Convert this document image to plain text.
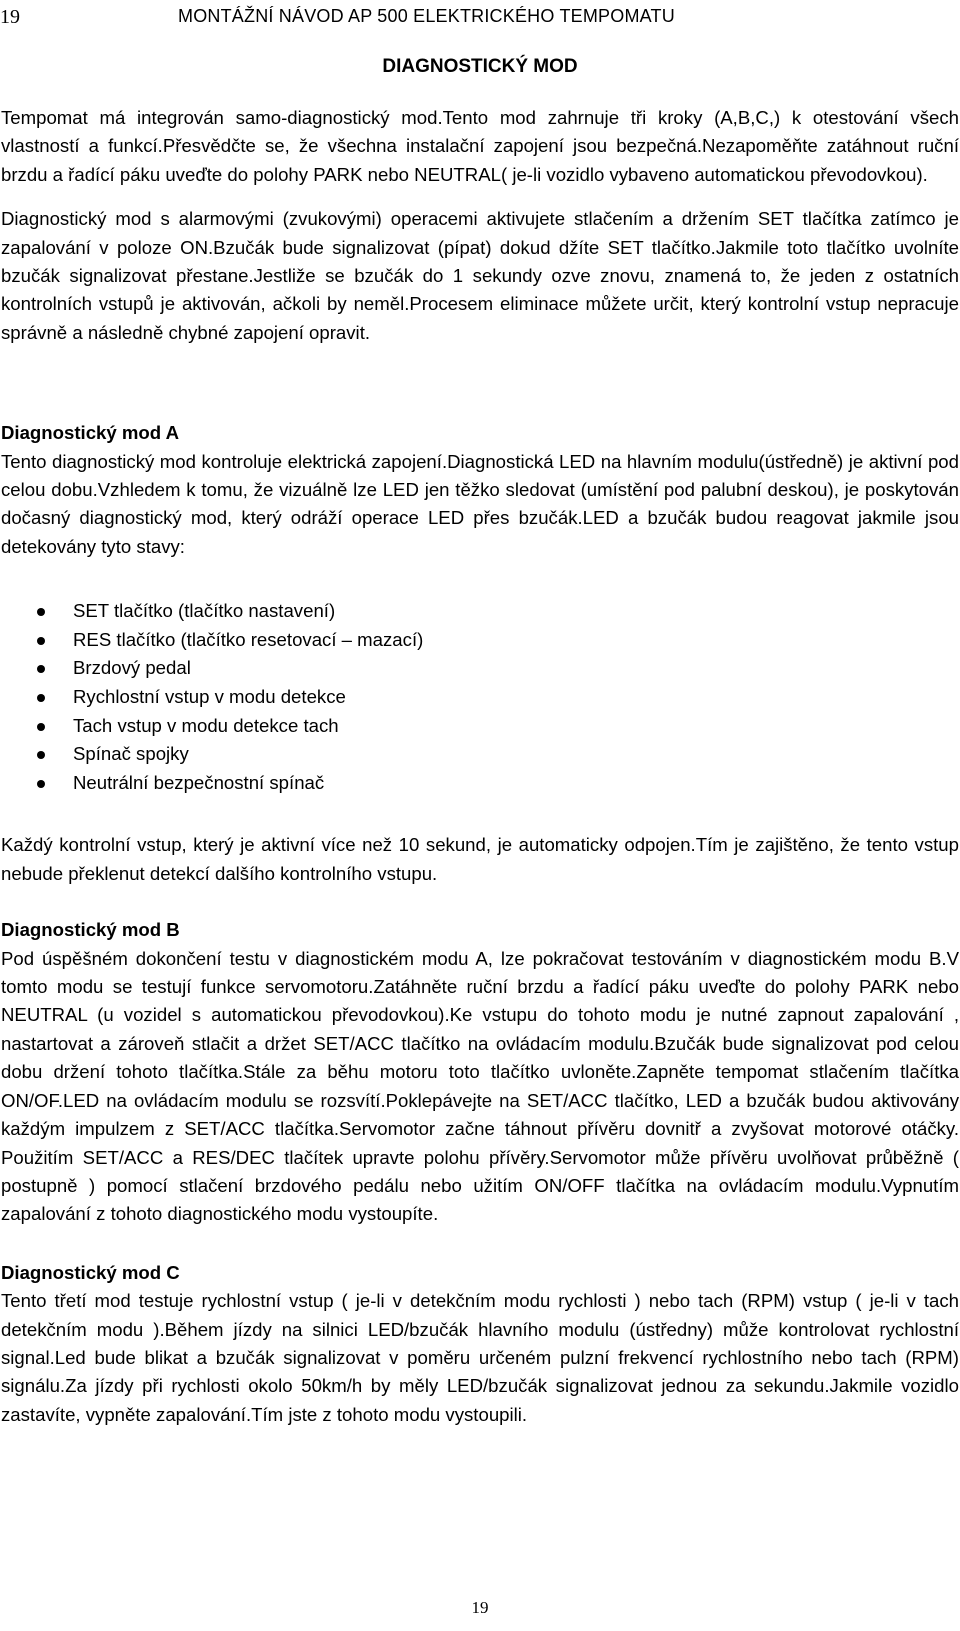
19	MONTÁŽNÍ NÁVOD AP 500 ELEKTRICKÉHO TEMPOMATU
DIAGNOSTICKÝ MOD

Tempomat má integrován samo-diagnostický mod.Tento mod zahrnuje tři kroky (A,B,C,) k otestování všech vlastností a funkcí.Přesvědčte se, že všechna instalační zapojení jsou bezpečná.Nezapoměňte zatáhnout ruční brzdu a řadící páku uveďte do polohy PARK nebo NEUTRAL( je-li vozidlo vybaveno automatickou převodovkou).

Diagnostický mod s alarmovými (zvukovými) operacemi aktivujete stlačením a držením SET tlačítka zatímco je zapalování v poloze ON.Bzučák bude signalizovat (pípat) dokud džíte SET tlačítko.Jakmile toto tlačítko uvolníte bzučák signalizovat přestane.Jestliže se bzučák do 1 sekundy ozve znovu, znamená to, že jeden z ostatních kontrolních vstupů je aktivován, ačkoli by neměl.Procesem eliminace můžete určit, který kontrolní vstup nepracuje správně a následně chybné zapojení opravit.

Diagnostický mod A

Tento diagnostický mod kontroluje elektrická zapojení.Diagnostická LED na hlavním modulu(ústředně) je aktivní pod celou dobu.Vzhledem k tomu, že vizuálně lze LED jen těžko sledovat (umístění pod palubní deskou), je poskytován dočasný diagnostický mod, který odráží operace LED přes bzučák.LED a bzučák budou reagovat jakmile jsou detekovány tyto stavy:

SET tlačítko (tlačítko nastavení)
RES tlačítko (tlačítko resetovací – mazací)
Brzdový pedal
Rychlostní vstup v modu detekce
Tach vstup v modu detekce tach
Spínač spojky
Neutrální bezpečnostní spínač

Každý kontrolní vstup, který je aktivní více než 10 sekund, je automaticky odpojen.Tím je zajištěno, že tento vstup nebude překlenut detekcí dalšího kontrolního vstupu.

Diagnostický mod B

Pod úspěšném dokončení testu v diagnostickém modu A, lze pokračovat testováním v diagnostickém modu B.V tomto modu se testují funkce servomotoru.Zatáhněte ruční brzdu a řadící páku uveďte do polohy PARK nebo NEUTRAL (u vozidel s automatickou převodovkou).Ke vstupu do tohoto modu je nutné zapnout zapalování , nastartovat a zároveň stlačit a držet SET/ACC tlačítko na ovládacím modulu.Bzučák bude signalizovat pod celou dobu držení tohoto tlačítka.Stále za běhu motoru toto tlačítko uvloněte.Zapněte tempomat stlačením tlačítka ON/OF.LED na ovládacím modulu se rozsvítí.Poklepávejte na SET/ACC tlačítko, LED a bzučák budou aktivovány každým impulzem z SET/ACC tlačítka.Servomotor začne táhnout přívěru dovnitř a zvyšovat motorové otáčky. Použitím SET/ACC a RES/DEC tlačítek upravte polohu přívěry.Servomotor může přívěru uvolňovat průběžně ( postupně ) pomocí stlačení brzdového pedálu nebo užitím ON/OFF tlačítka na ovládacím modulu.Vypnutím zapalování z tohoto diagnostického modu vystoupíte.

Diagnostický mod C

Tento třetí mod testuje rychlostní vstup ( je-li v detekčním modu rychlosti ) nebo tach (RPM) vstup ( je-li v tach detekčním modu ).Během jízdy na silnici LED/bzučák hlavního modulu (ústředny) může kontrolovat rychlostní signal.Led bude blikat a bzučák signalizovat v poměru určeném pulzní frekvencí rychlostního nebo tach (RPM) signálu.Za jízdy při rychlosti okolo 50km/h by měly LED/bzučák signalizovat jednou za sekundu.Jakmile vozidlo zastavíte, vypněte zapalování.Tím jste z tohoto modu vystoupili.

19
